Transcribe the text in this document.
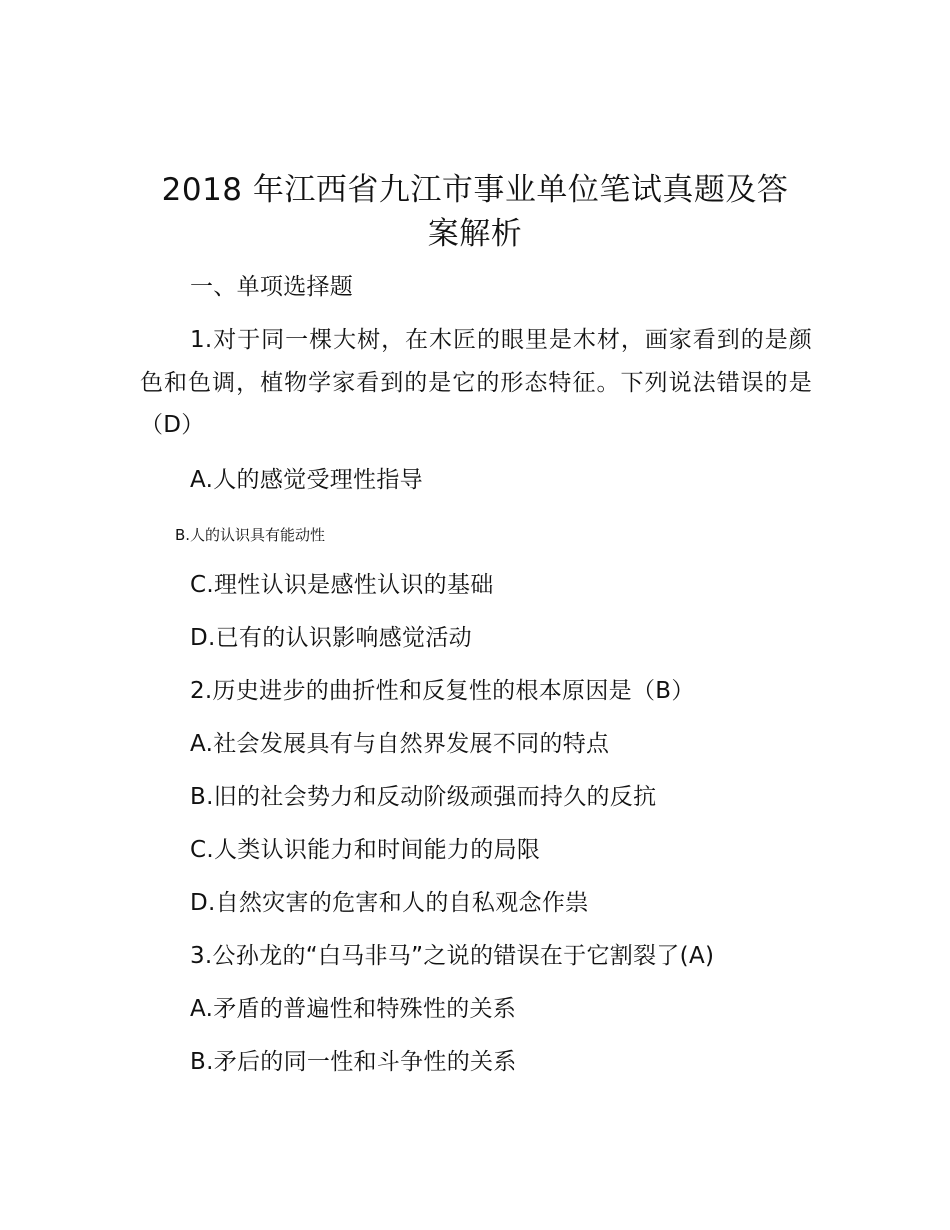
2018 年江西省九江市事业单位笔试真题及答
案解析
一、单项选择题
1.对于同一棵大树，在木匠的眼里是木材，画家看到的是颜色和色调，植物学家看到的是它的形态特征。下列说法错误的是（D）
A.人的感觉受理性指导
B.人的认识具有能动性
C.理性认识是感性认识的基础
D.已有的认识影响感觉活动
2.历史进步的曲折性和反复性的根本原因是（B）
A.社会发展具有与自然界发展不同的特点
B.旧的社会势力和反动阶级顽强而持久的反抗
C.人类认识能力和时间能力的局限
D.自然灾害的危害和人的自私观念作祟
3.公孙龙的“白马非马”之说的错误在于它割裂了(A)
A.矛盾的普遍性和特殊性的关系
B.矛后的同一性和斗争性的关系
